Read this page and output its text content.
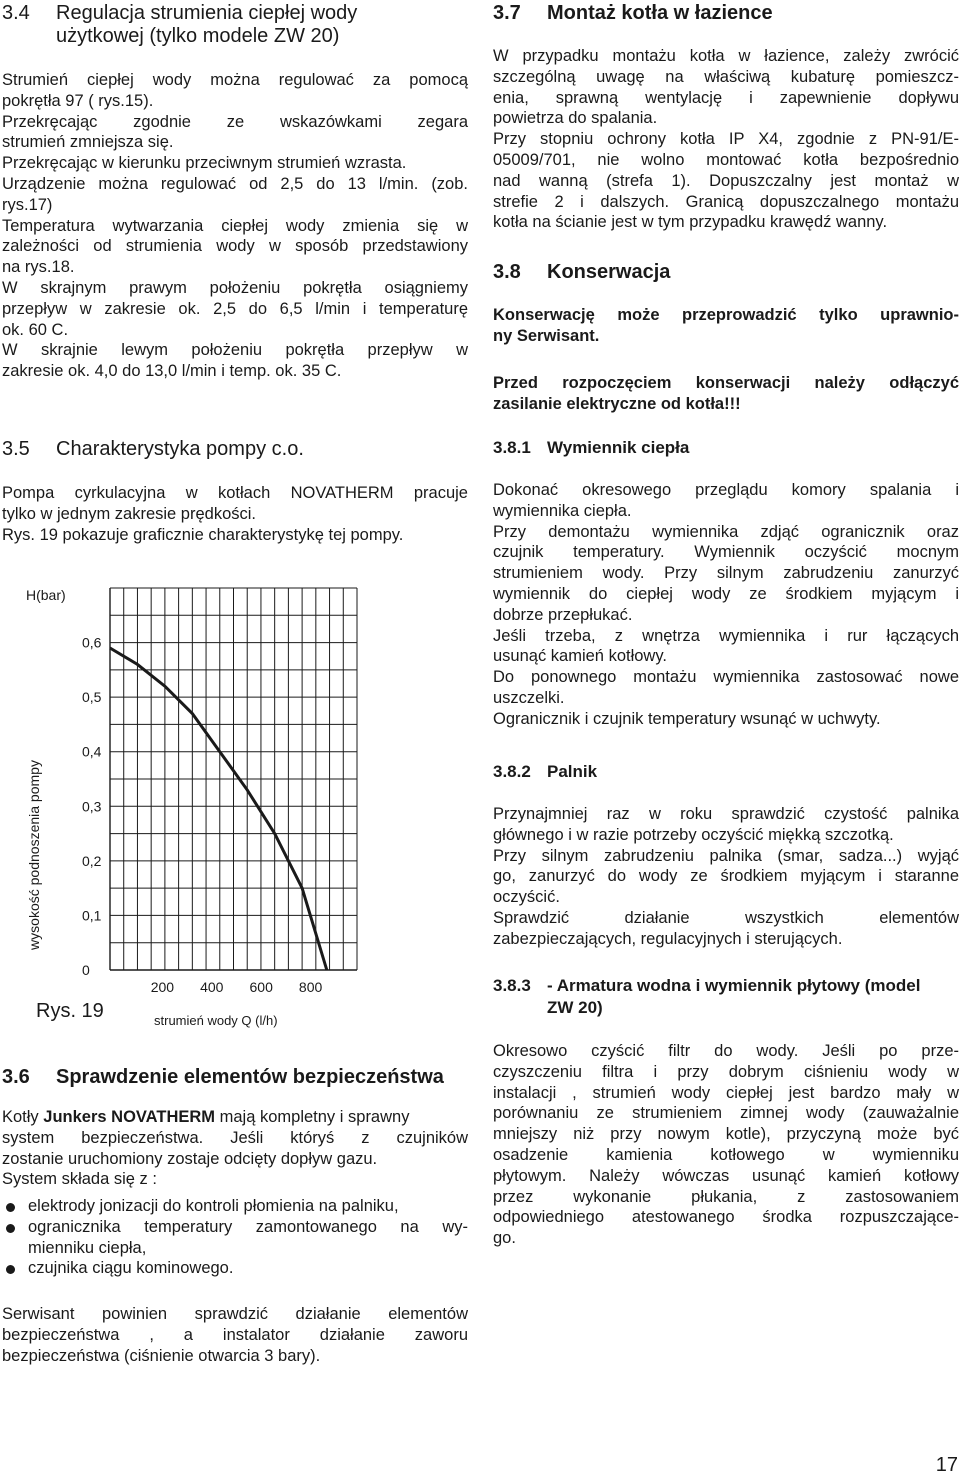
3.4 Regulacja strumienia ciepłej wody
użytkowej (tylko modele ZW 20)
Strumień ciepłej wody można regulować za pomocą
pokrętła 97 ( rys.15).
Przekręcając zgodnie ze wskazówkami zegara
strumień zmniejsza się.
Przekręcając w kierunku przeciwnym strumień wzrasta.
Urządzenie można regulować od 2,5 do 13 l/min. (zob.
rys.17)
Temperatura wytwarzania ciepłej wody zmienia się w
zależności od strumienia wody w sposób przedstawiony
na rys.18.
W skrajnym prawym położeniu pokrętła osiągniemy
przepływ w zakresie ok. 2,5 do 6,5 l/min i temperaturę
ok. 60 C.
W skrajnie lewym położeniu pokrętła przepływ w
zakresie ok. 4,0 do 13,0 l/min i temp. ok. 35 C.
3.5 Charakterystyka pompy c.o.
Pompa cyrkulacyjna w kotłach NOVATHERM pracuje
tylko w jednym zakresie prędkości.
Rys. 19 pokazuje graficznie charakterystykę tej pompy.
0
0,1
0,2
0,3
0,4
0,5
0,6
200 400 600 800
H(bar)
wysokość podnoszenia pompy
strumień wody Q (l/h)
Rys. 19
3.6 Sprawdzenie elementów bezpieczeństwa
Kotły Junkers NOVATHERM mają kompletny i sprawny
system bezpieczeństwa. Jeśli któryś z czujników
zostanie uruchomiony zostaje odcięty dopływ gazu.
System składa się z :
elektrody jonizacji do kontroli płomienia na palniku,
ogranicznika temperatury zamontowanego na wy-
mienniku ciepła,
czujnika ciągu kominowego.
Serwisant powinien sprawdzić działanie elementów
bezpieczeństwa , a instalator działanie zaworu
bezpieczeństwa (ciśnienie otwarcia 3 bary).
3.7 Montaż kotła w łazience
W przypadku montażu kotła w łazience, zależy zwrócić
szczególną uwagę na właściwą kubaturę pomieszcz-
enia, sprawną wentylację i zapewnienie dopływu
powietrza do spalania.
Przy stopniu ochrony kotła IP X4, zgodnie z PN-91/E-
05009/701, nie wolno montować kotła bezpośrednio
nad wanną (strefa 1). Dopuszczalny jest montaż w
strefie 2 i dalszych. Granicą dopuszczalnego montażu
kotła na ścianie jest w tym przypadku krawędź wanny.
3.8 Konserwacja
Konserwację może przeprowadzić tylko uprawnio-
ny Serwisant.
Przed rozpoczęciem konserwacji należy odłączyć
zasilanie elektryczne od kotła!!!
3.8.1 Wymiennik ciepła
Dokonać okresowego przeglądu komory spalania i
wymiennika ciepła.
Przy demontażu wymiennika zdjąć ogranicznik oraz
czujnik temperatury. Wymiennik oczyścić mocnym
strumieniem wody. Przy silnym zabrudzeniu zanurzyć
wymiennik do ciepłej wody ze środkiem myjącym i
dobrze przepłukać.
Jeśli trzeba, z wnętrza wymiennika i rur łączących
usunąć kamień kotłowy.
Do ponownego montażu wymiennika zastosować nowe
uszczelki.
Ogranicznik i czujnik temperatury wsunąć w uchwyty.
3.8.2 Palnik
Przynajmniej raz w roku sprawdzić czystość palnika
głównego i w razie potrzeby oczyścić miękką szczotką.
Przy silnym zabrudzeniu palnika (smar, sadza...) wyjąć
go, zanurzyć do wody ze środkiem myjącym i staranne
oczyścić.
Sprawdzić działanie wszystkich elementów
zabezpieczających, regulacyjnych i sterujących.
3.8.3 - Armatura wodna i wymiennik płytowy (model
ZW 20)
Okresowo czyścić filtr do wody. Jeśli po prze-
czyszczeniu filtra i przy dobrym ciśnieniu wody w
instalacji , strumień wody ciepłej jest bardzo mały w
porównaniu ze strumieniem zimnej wody (zauważalnie
mniejszy niż przy nowym kotle), przyczyną może być
osadzenie kamienia kotłowego w wymienniku
płytowym. Należy wówczas usunąć kamień kotłowy
przez wykonanie płukania, z zastosowaniem
odpowiedniego atestowanego środka rozpuszczające-
go.
17
